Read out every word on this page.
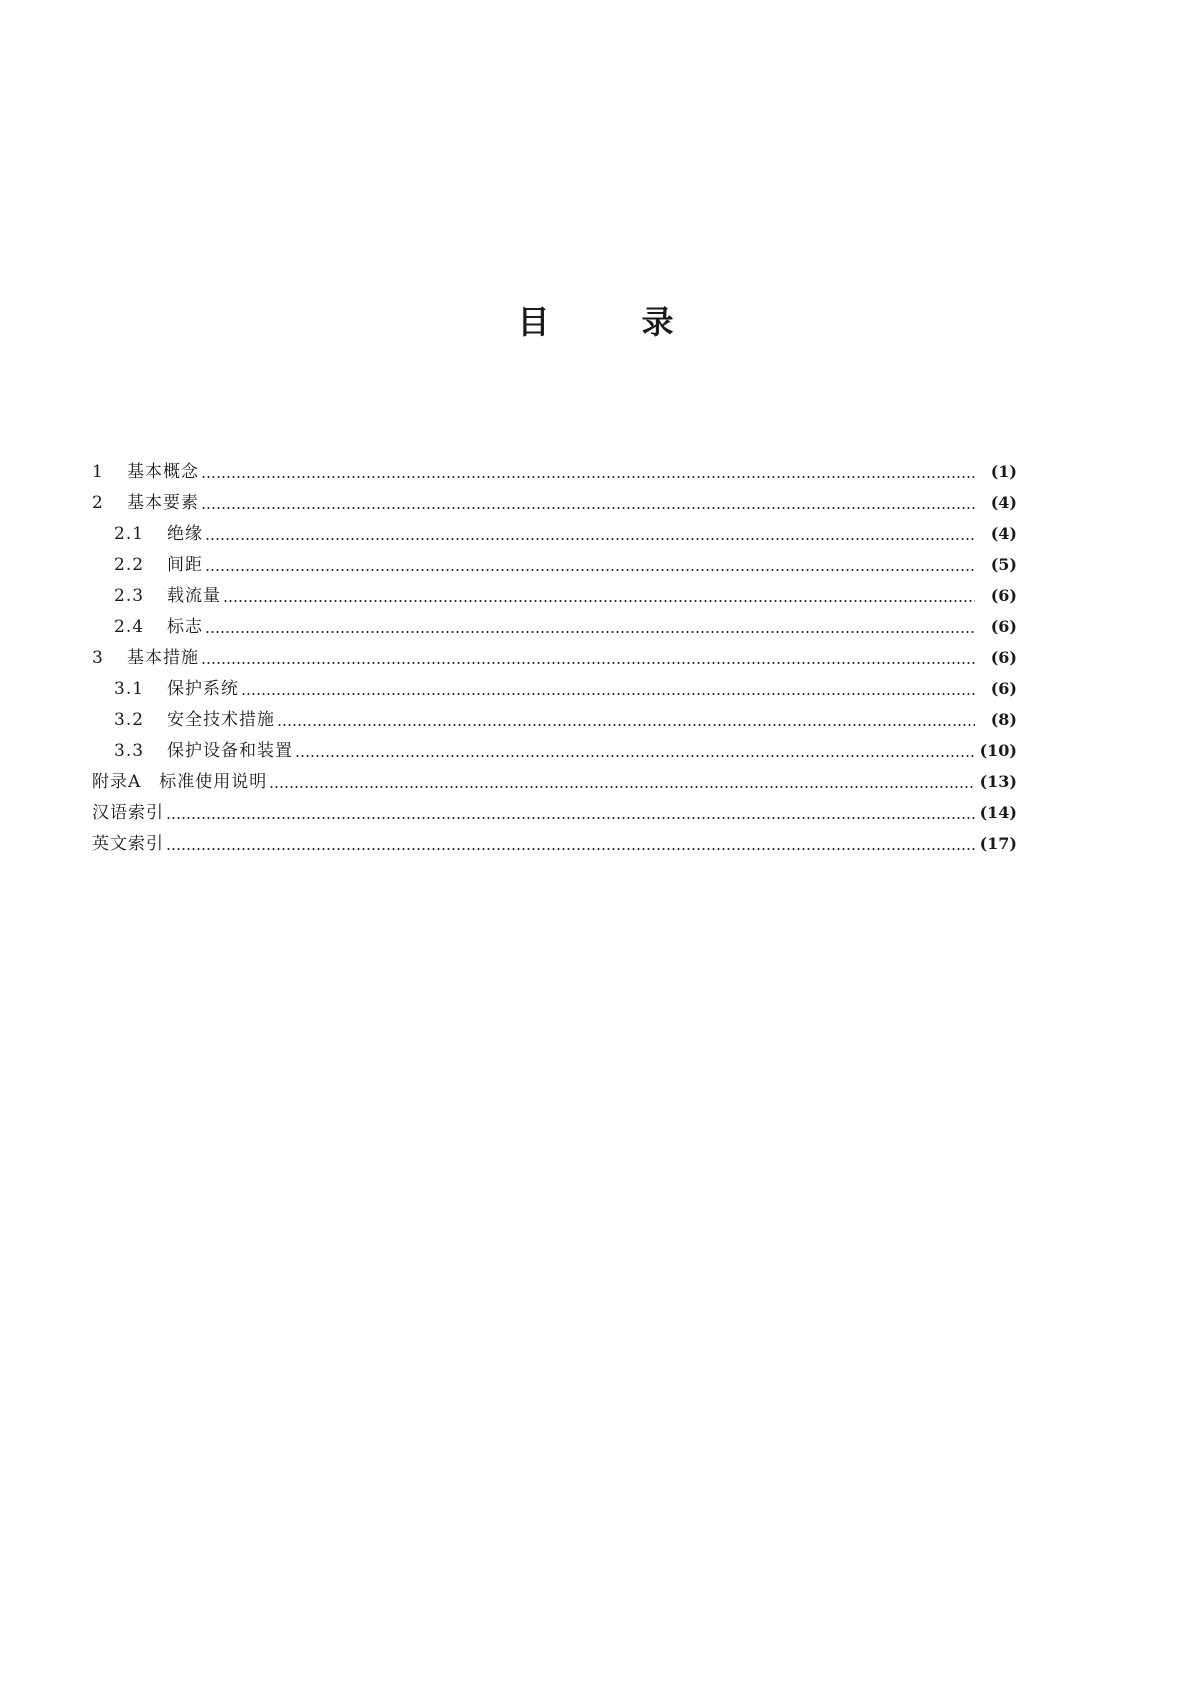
目	录
1	基本概念	(1)
2	基本要素	(4)
2.1	绝缘	(4)
2.2	间距	(5)
2.3	载流量	(6)
2.4	标志	(6)
3	基本措施	(6)
3.1	保护系统	(6)
3.2	安全技术措施	(8)
3.3	保护设备和装置	(10)
附录A　标准使用说明	(13)
汉语索引	(14)
英文索引	(17)
